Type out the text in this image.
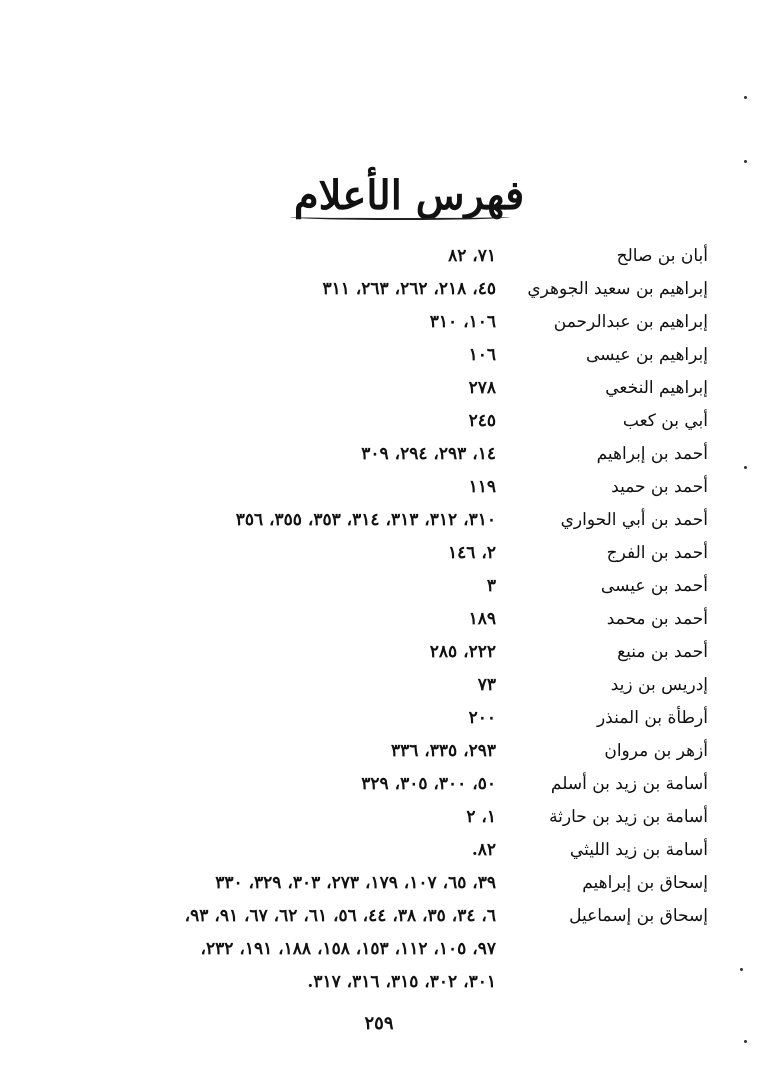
فهرس الأعلام
أبان بن صالح
٧١، ٨٢
إبراهيم بن سعيد الجوهري
٤٥، ٢١٨، ٢٦٢، ٢٦٣، ٣١١
إبراهيم بن عبدالرحمن
١٠٦، ٣١٠
إبراهيم بن عيسى
١٠٦
إبراهيم النخعي
٢٧٨
أبي بن كعب
٢٤٥
أحمد بن إبراهيم
١٤، ٢٩٣، ٢٩٤، ٣٠٩
أحمد بن حميد
١١٩
أحمد بن أبي الحواري
٣١٠، ٣١٢، ٣١٣، ٣١٤، ٣٥٣، ٣٥٥، ٣٥٦
أحمد بن الفرج
٢، ١٤٦
أحمد بن عيسى
٣
أحمد بن محمد
١٨٩
أحمد بن منيع
٢٢٢، ٢٨٥
إدريس بن زيد
٧٣
أرطأة بن المنذر
٢٠٠
أزهر بن مروان
٢٩٣، ٣٣٥، ٣٣٦
أسامة بن زيد بن أسلم
٥٠، ٣٠٠، ٣٠٥، ٣٢٩
أسامة بن زيد بن حارثة
١، ٢
أسامة بن زيد الليثي
٨٢.
إسحاق بن إبراهيم
٣٩، ٦٥، ١٠٧، ١٧٩، ٢٧٣، ٣٠٣، ٣٢٩، ٣٣٠
إسحاق بن إسماعيل
٦، ٣٤، ٣٥، ٣٨، ٤٤، ٥٦، ٦١، ٦٢، ٦٧، ٩١، ٩٣،
٩٧، ١٠٥، ١١٢، ١٥٣، ١٥٨، ١٨٨، ١٩١، ٢٣٢،
٣٠١، ٣٠٢، ٣١٥، ٣١٦، ٣١٧.
٢٥٩
